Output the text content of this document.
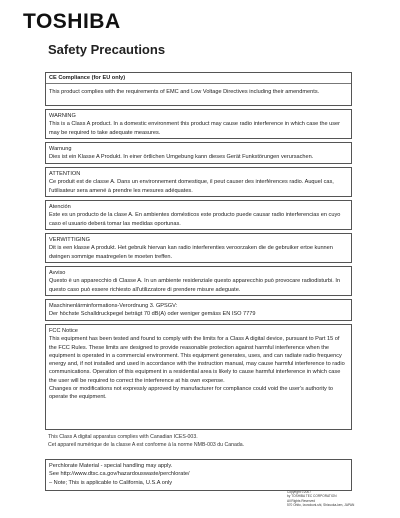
TOSHIBA
Safety Precautions
CE Compliance (for EU only)
This product complies with the requirements of EMC and Low Voltage Directives including their amendments.
WARNING
This is a Class A product. In a domestic environment this product may cause radio interference in which case the user may be required to take adequate measures.
Warnung
Dies ist ein Klasse A Produkt. In einer örtlichen Umgebung kann dieses Gerät Funkstörungen verursachen.
ATTENTION
Ce produit est de classe A. Dans un environnement domestique, il peut causer des interférences radio. Auquel cas, l'utilisateur sera amené à prendre les mesures adéquates.
Atención
Este es un producto de la clase A. En ambientes domésticos este producto puede causar radio interferencias en cuyo caso el usuario deberá tomar las medidas oportunas.
VERWITTIGING
Dit is een klasse A produkt. Het gebruik hiervan kan radio interferenties veroorzaken die de gebruiker ertoe kunnen dwingen sommige maatregelen te moeten treffen.
Avviso
Questo è un apparecchio di Classe A. In un ambiente residenziale questo apparecchio può provocare radiodisturbi. In questo caso può essere richiesto all'utilizzatore di prendere misure adeguate.
Maschinenlärminformations-Verordnung 3. GPSGV:
Der höchste Schalldruckpegel beträgt 70 dB(A) oder weniger gemäss EN ISO 7779
FCC Notice
This equipment has been tested and found to comply with the limits for a Class A digital device, pursuant to Part 15 of the FCC Rules. These limits are designed to provide reasonable protection against harmful interference when the equipment is operated in a commercial environment. This equipment generates, uses, and can radiate radio frequency energy and, if not installed and used in accordance with the instruction manual, may cause harmful interference to radio communications. Operation of this equipment in a residential area is likely to cause harmful interference in which case the user will be required to correct the interference at his own expense.
Changes or modifications not expressly approved by manufacturer for compliance could void the user's authority to operate the equipment.
This Class A digital apparatus complies with Canadian ICES-003.
Cet appareil numérique de la classe A est conforme à la norme NMB-003 du Canada.
Perchlorate Material - special handling may apply.
See http://www.dtsc.ca.gov/hazardouswaste/perchlorate/
– Note; This is applicable to California, U.S.A only
Copyright ©2007
by TOSHIBA TEC CORPORATION
All Rights Reserved
570 Ohito, Izunokuni-shi, Shizuoka-ken, JAPAN
